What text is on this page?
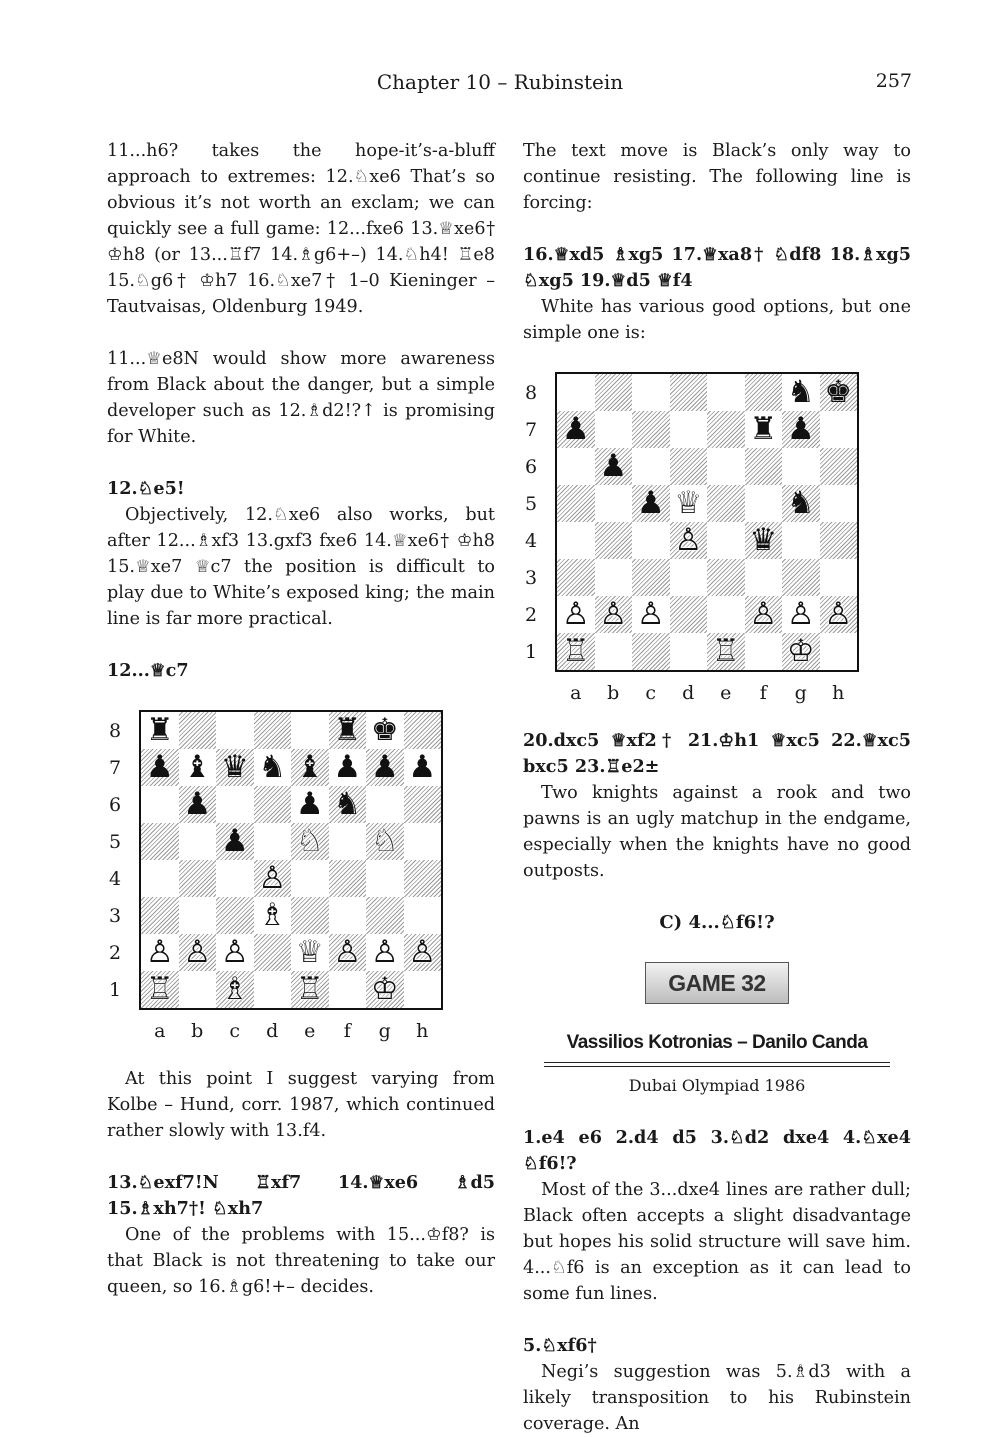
Chapter 10 – Rubinstein	257

11...h6? takes the hope-it’s-a-bluff approach to extremes: 12.♘xe6 That’s so obvious it’s not worth an exclam; we can quickly see a full game: 12...fxe6 13.♕xe6† ♔h8 (or 13...♖f7 14.♗g6+–) 14.♘h4! ♖e8 15.♘g6† ♔h7 16.♘xe7† 1–0 Kieninger – Tautvaisas, Oldenburg 1949.

11...♕e8N would show more awareness from Black about the danger, but a simple developer such as 12.♗d2!?↑ is promising for White.

12.♘e5!

Objectively, 12.♘xe6 also works, but after 12...♗xf3 13.gxf3 fxe6 14.♕xe6† ♔h8 15.♕xe7 ♕c7 the position is difficult to play due to White’s exposed king; the main line is far more practical.

12...♕c7

8
7
6
5
4
3
2
1
♜	♜ ♚
♟ ♝ ♛ ♞ ♝ ♟ ♟ ♟
♟	♟ ♞
♟ ♘ ♘
♙
♗
♙ ♙ ♙ ♕ ♙ ♙ ♙
♖ ♗ ♖ ♔
a	b	c	d	e	f	g	h

At this point I suggest varying from Kolbe – Hund, corr. 1987, which continued rather slowly with 13.f4.

13.♘exf7!N ♖xf7 14.♕xe6 ♗d5 15.♗xh7†! ♘xh7

One of the problems with 15...♔f8? is that Black is not threatening to take our queen, so 16.♗g6!+– decides.

The text move is Black’s only way to continue resisting. The following line is forcing:

16.♕xd5 ♗xg5 17.♕xa8† ♘df8 18.♗xg5 ♘xg5 19.♕d5 ♕f4

White has various good options, but one simple one is:

8
7
6
5
4
3
2
1
♞ ♚
♟	♜ ♟
♟
♟ ♕	♞
♙ ♛
♙ ♙ ♙	♙ ♙ ♙
♖	♖ ♔
a	b	c	d	e	f	g	h

20.dxc5 ♕xf2† 21.♔h1 ♕xc5 22.♕xc5 bxc5 23.♖e2±

Two knights against a rook and two pawns is an ugly matchup in the endgame, especially when the knights have no good outposts.

C) 4...♘f6!?
GAME 32
Vassilios Kotronias – Danilo Canda
Dubai Olympiad 1986

1.e4 e6 2.d4 d5 3.♘d2 dxe4 4.♘xe4 ♘f6!?

Most of the 3...dxe4 lines are rather dull; Black often accepts a slight disadvantage but hopes his solid structure will save him. 4...♘f6 is an exception as it can lead to some fun lines.

5.♘xf6†

Negi’s suggestion was 5.♗d3 with a likely transposition to his Rubinstein coverage. An
